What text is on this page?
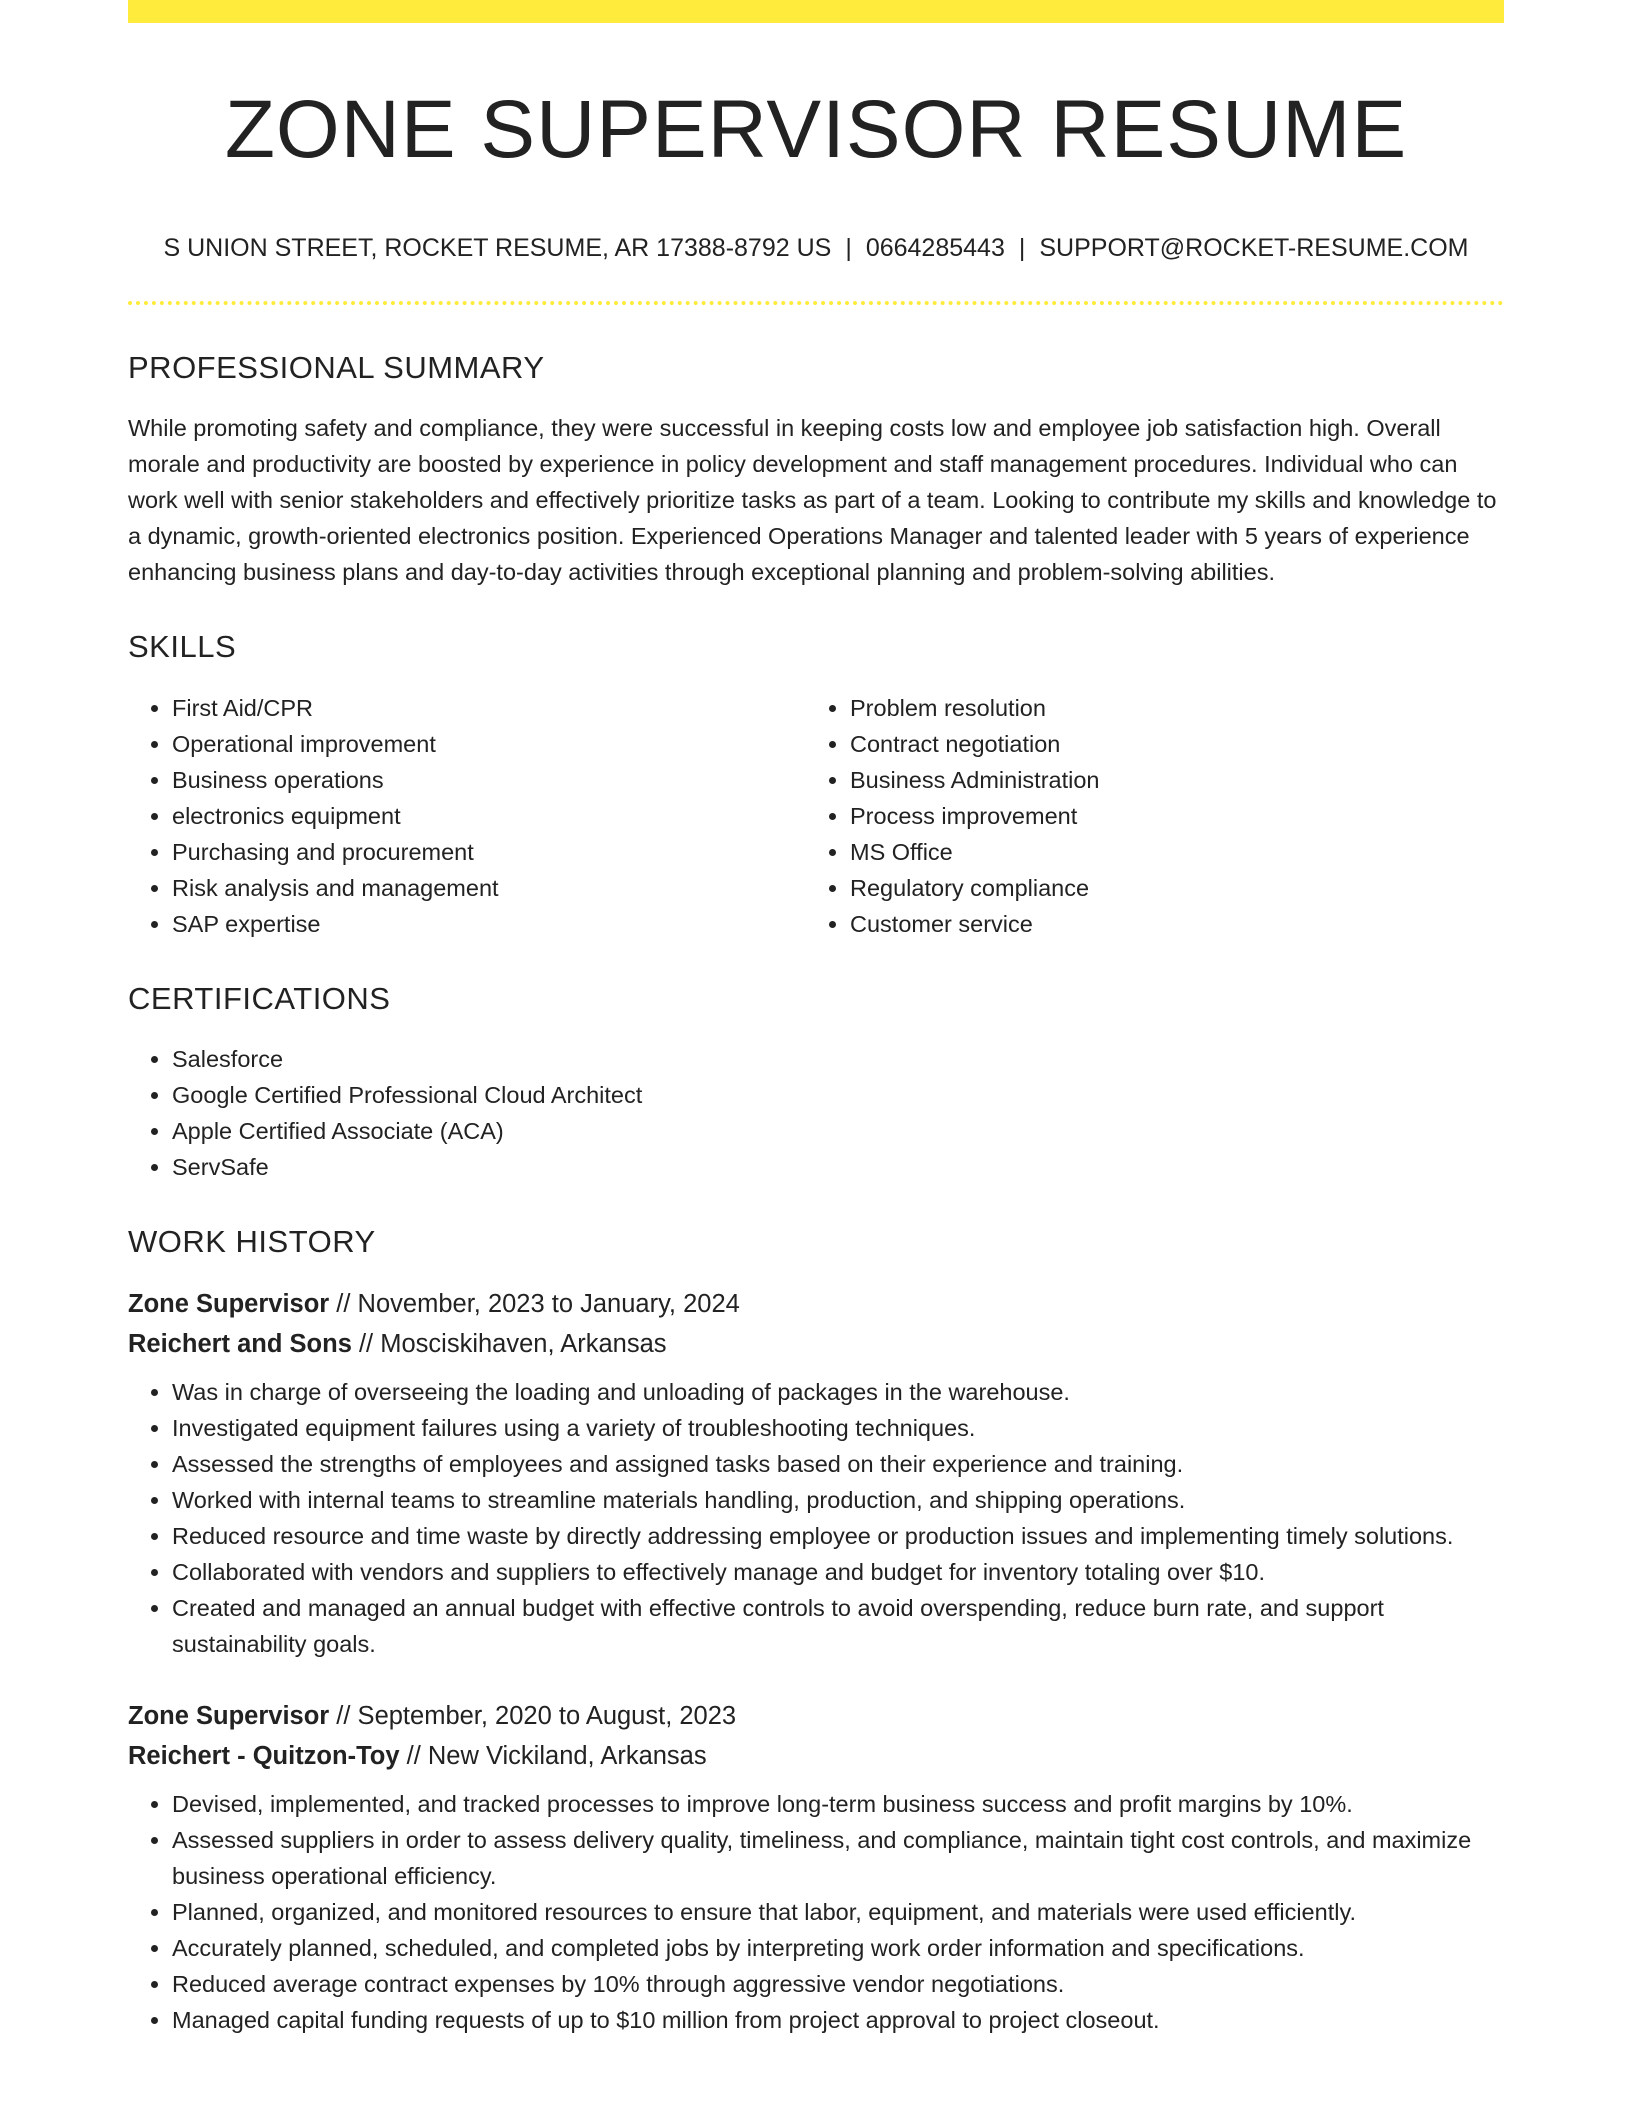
ZONE SUPERVISOR RESUME
S UNION STREET, ROCKET RESUME, AR 17388-8792 US | 0664285443 | SUPPORT@ROCKET-RESUME.COM
PROFESSIONAL SUMMARY
While promoting safety and compliance, they were successful in keeping costs low and employee job satisfaction high. Overall morale and productivity are boosted by experience in policy development and staff management procedures. Individual who can work well with senior stakeholders and effectively prioritize tasks as part of a team. Looking to contribute my skills and knowledge to a dynamic, growth-oriented electronics position. Experienced Operations Manager and talented leader with 5 years of experience enhancing business plans and day-to-day activities through exceptional planning and problem-solving abilities.
SKILLS
• First Aid/CPR
• Operational improvement
• Business operations
• electronics equipment
• Purchasing and procurement
• Risk analysis and management
• SAP expertise
• Problem resolution
• Contract negotiation
• Business Administration
• Process improvement
• MS Office
• Regulatory compliance
• Customer service
CERTIFICATIONS
• Salesforce
• Google Certified Professional Cloud Architect
• Apple Certified Associate (ACA)
• ServSafe
WORK HISTORY
Zone Supervisor // November, 2023 to January, 2024
Reichert and Sons // Mosciskihaven, Arkansas
• Was in charge of overseeing the loading and unloading of packages in the warehouse.
• Investigated equipment failures using a variety of troubleshooting techniques.
• Assessed the strengths of employees and assigned tasks based on their experience and training.
• Worked with internal teams to streamline materials handling, production, and shipping operations.
• Reduced resource and time waste by directly addressing employee or production issues and implementing timely solutions.
• Collaborated with vendors and suppliers to effectively manage and budget for inventory totaling over $10.
• Created and managed an annual budget with effective controls to avoid overspending, reduce burn rate, and support sustainability goals.
Zone Supervisor // September, 2020 to August, 2023
Reichert - Quitzon-Toy // New Vickiland, Arkansas
• Devised, implemented, and tracked processes to improve long-term business success and profit margins by 10%.
• Assessed suppliers in order to assess delivery quality, timeliness, and compliance, maintain tight cost controls, and maximize business operational efficiency.
• Planned, organized, and monitored resources to ensure that labor, equipment, and materials were used efficiently.
• Accurately planned, scheduled, and completed jobs by interpreting work order information and specifications.
• Reduced average contract expenses by 10% through aggressive vendor negotiations.
• Managed capital funding requests of up to $10 million from project approval to project closeout.
